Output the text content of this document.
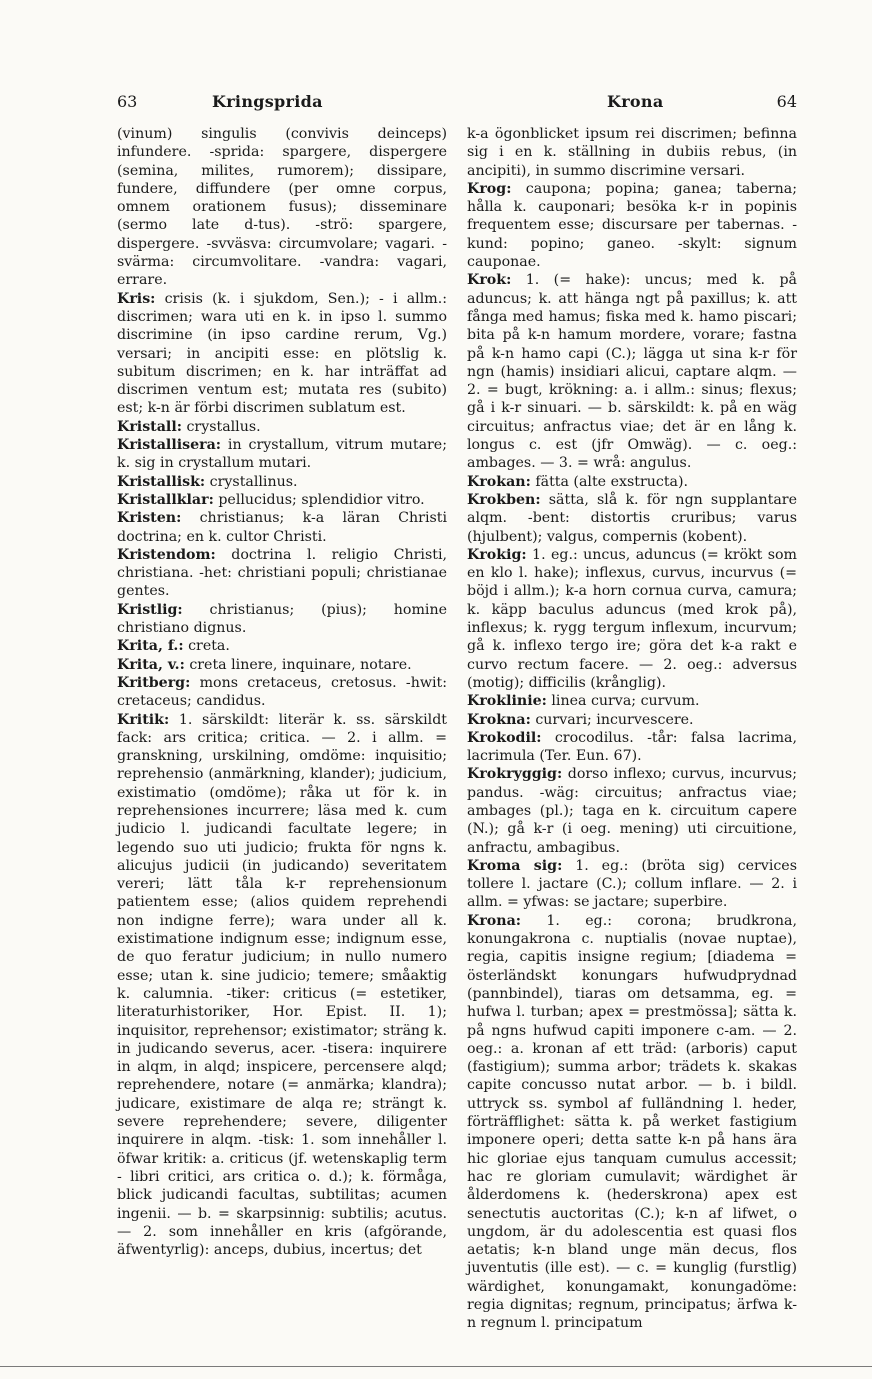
63	Kringsprida	Krona	64

(vinum) singulis (convivis deinceps) infundere. -sprida: spargere, dispergere (semina, milites, rumorem); dissipare, fundere, diffundere (per omne corpus, omnem orationem fusus); disseminare (sermo late d-tus). -strö: spargere, dispergere. -svväsva: circumvolare; vagari. -svärma: circumvolitare. -vandra: vagari, errare.

Kris: crisis (k. i sjukdom, Sen.); - i allm.: discrimen; wara uti en k. in ipso l. summo discrimine (in ipso cardine rerum, Vg.) versari; in ancipiti esse: en plötslig k. subitum discrimen; en k. har inträffat ad discrimen ventum est; mutata res (subito) est; k-n är förbi discrimen sublatum est.

Kristall: crystallus.

Kristallisera: in crystallum, vitrum mutare; k. sig in crystallum mutari.

Kristallisk: crystallinus.

Kristallklar: pellucidus; splendidior vitro.

Kristen: christianus; k-a läran Christi doctrina; en k. cultor Christi.

Kristendom: doctrina l. religio Christi, christiana. -het: christiani populi; christianae gentes.

Kristlig: christianus; (pius); homine christiano dignus.

Krita, f.: creta.

Krita, v.: creta linere, inquinare, notare.

Kritberg: mons cretaceus, cretosus. -hwit: cretaceus; candidus.

Kritik: 1. särskildt: literär k. ss. särskildt fack: ars critica; critica. — 2. i allm. = granskning, urskilning, omdöme: inquisitio; reprehensio (anmärkning, klander); judicium, existimatio (omdöme); råka ut för k. in reprehensiones incurrere; läsa med k. cum judicio l. judicandi facultate legere; in legendo suo uti judicio; frukta för ngns k. alicujus judicii (in judicando) severitatem vereri; lätt tåla k-r reprehensionum patientem esse; (alios quidem reprehendi non indigne ferre); wara under all k. existimatione indignum esse; indignum esse, de quo feratur judicium; in nullo numero esse; utan k. sine judicio; temere; småaktig k. calumnia. -tiker: criticus (= estetiker, literaturhistoriker, Hor. Epist. II. 1); inquisitor, reprehensor; existimator; sträng k. in judicando severus, acer. -tisera: inquirere in alqm, in alqd; inspicere, percensere alqd; reprehendere, notare (= anmärka; klandra); judicare, existimare de alqa re; strängt k. severe reprehendere; severe, diligenter inquirere in alqm. -tisk: 1. som innehåller l. öfwar kritik: a. criticus (jf. wetenskaplig term - libri critici, ars critica o. d.); k. förmåga, blick judicandi facultas, subtilitas; acumen ingenii. — b. = skarpsinnig: subtilis; acutus. — 2. som innehåller en kris (afgörande, äfwentyrlig): anceps, dubius, incertus; det

k-a ögonblicket ipsum rei discrimen; befinna sig i en k. ställning in dubiis rebus, (in ancipiti), in summo discrimine versari.

Krog: caupona; popina; ganea; taberna; hålla k. cauponari; besöka k-r in popinis frequentem esse; discursare per tabernas. -kund: popino; ganeo. -skylt: signum cauponae.

Krok: 1. (= hake): uncus; med k. på aduncus; k. att hänga ngt på paxillus; k. att fånga med hamus; fiska med k. hamo piscari; bita på k-n hamum mordere, vorare; fastna på k-n hamo capi (C.); lägga ut sina k-r för ngn (hamis) insidiari alicui, captare alqm. — 2. = bugt, krökning: a. i allm.: sinus; flexus; gå i k-r sinuari. — b. särskildt: k. på en wäg circuitus; anfractus viae; det är en lång k. longus c. est (jfr Omwäg). — c. oeg.: ambages. — 3. = wrå: angulus.

Krokan: fätta (alte exstructa).

Krokben: sätta, slå k. för ngn supplantare alqm. -bent: distortis cruribus; varus (hjulbent); valgus, compernis (kobent).

Krokig: 1. eg.: uncus, aduncus (= krökt som en klo l. hake); inflexus, curvus, incurvus (= böjd i allm.); k-a horn cornua curva, camura; k. käpp baculus aduncus (med krok på), inflexus; k. rygg tergum inflexum, incurvum; gå k. inflexo tergo ire; göra det k-a rakt e curvo rectum facere. — 2. oeg.: adversus (motig); difficilis (krånglig).

Kroklinie: linea curva; curvum.

Krokna: curvari; incurvescere.

Krokodil: crocodilus. -tår: falsa lacrima, lacrimula (Ter. Eun. 67).

Krokryggig: dorso inflexo; curvus, incurvus; pandus. -wäg: circuitus; anfractus viae; ambages (pl.); taga en k. circuitum capere (N.); gå k-r (i oeg. mening) uti circuitione, anfractu, ambagibus.

Kroma sig: 1. eg.: (bröta sig) cervices tollere l. jactare (C.); collum inflare. — 2. i allm. = yfwas: se jactare; superbire.

Krona: 1. eg.: corona; brudkrona, konungakrona c. nuptialis (novae nuptae), regia, capitis insigne regium; [diadema = österländskt konungars hufwudprydnad (pannbindel), tiaras om detsamma, eg. = hufwa l. turban; apex = prestmössa]; sätta k. på ngns hufwud capiti imponere c-am. — 2. oeg.: a. kronan af ett träd: (arboris) caput (fastigium); summa arbor; trädets k. skakas capite concusso nutat arbor. — b. i bildl. uttryck ss. symbol af fulländning l. heder, förträfflighet: sätta k. på werket fastigium imponere operi; detta satte k-n på hans ära hic gloriae ejus tanquam cumulus accessit; hac re gloriam cumulavit; wärdighet är ålderdomens k. (hederskrona) apex est senectutis auctoritas (C.); k-n af lifwet, o ungdom, är du adolescentia est quasi flos aetatis; k-n bland unge män decus, flos juventutis (ille est). — c. = kunglig (furstlig) wärdighet, konungamakt, konungadöme: regia dignitas; regnum, principatus; ärfwa k-n regnum l. principatum
